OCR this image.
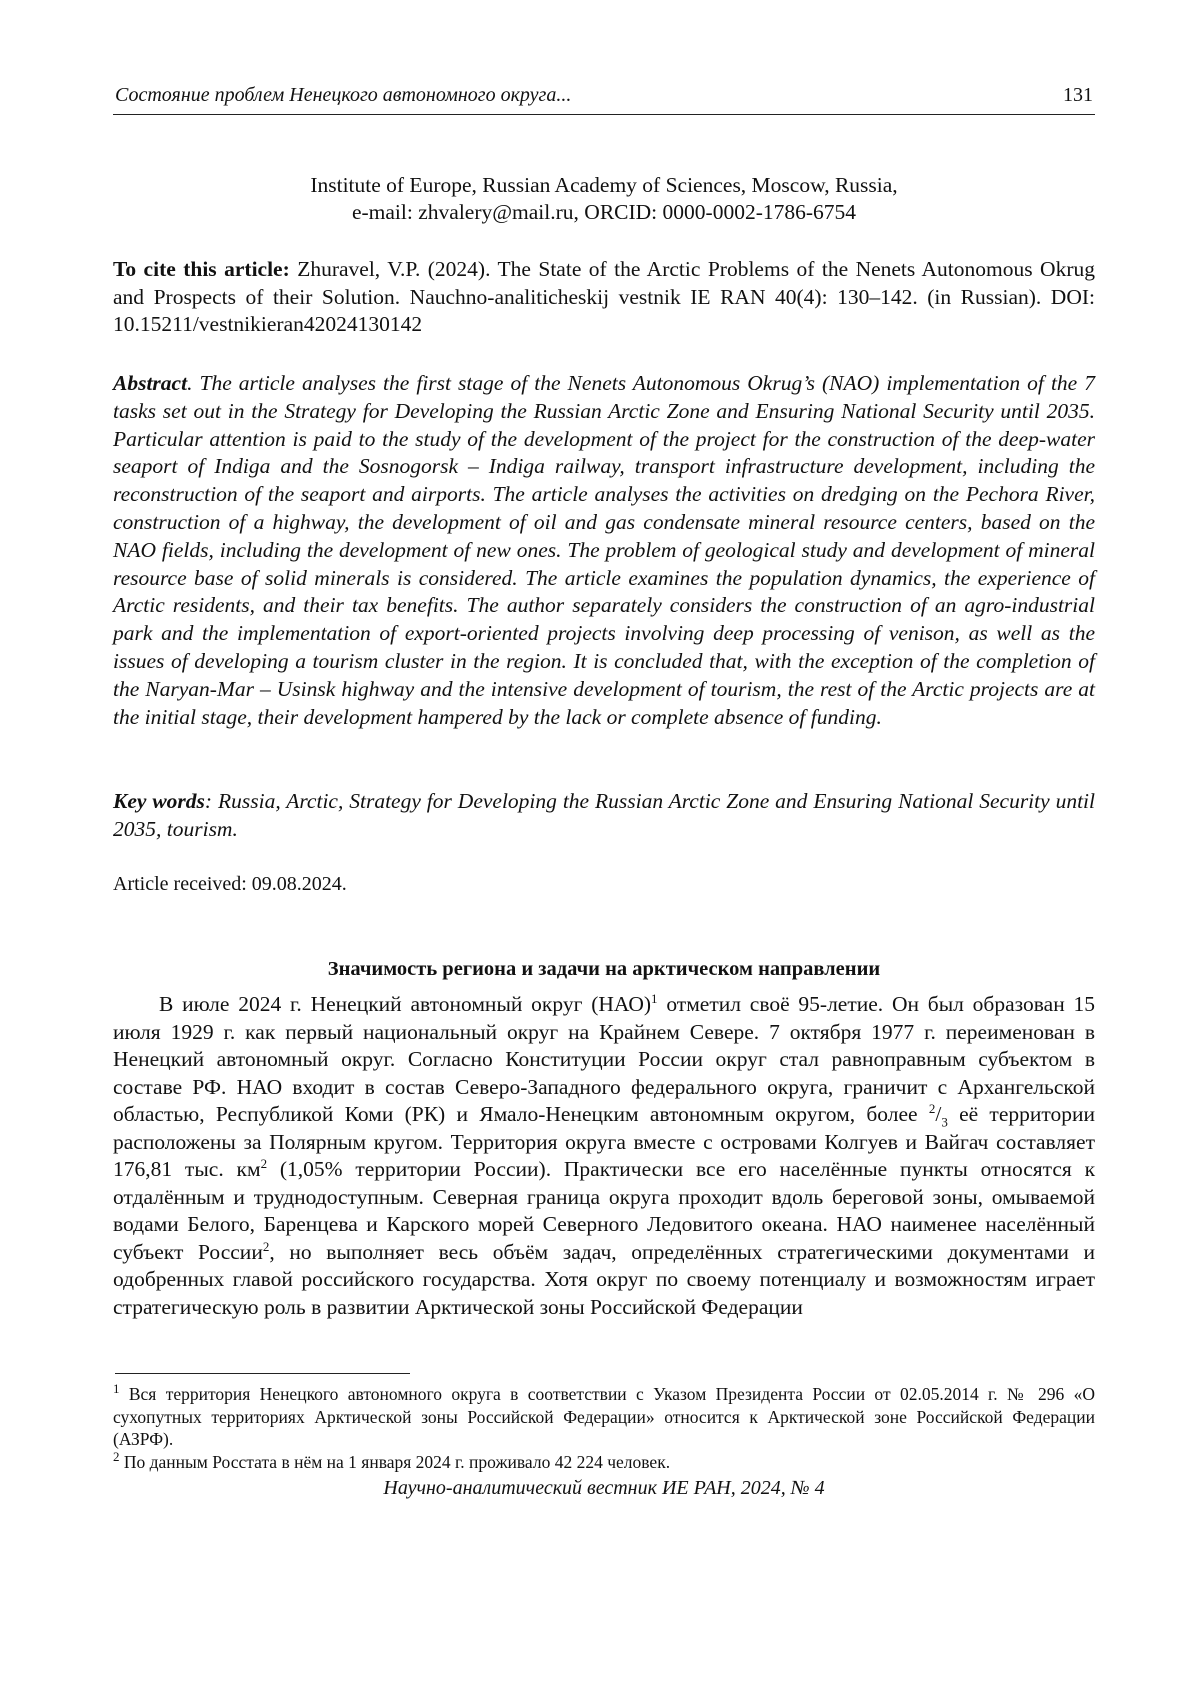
Состояние проблем Ненецкого автономного округа...	131
Institute of Europe, Russian Academy of Sciences, Moscow, Russia,
e-mail: zhvalery@mail.ru, ORCID: 0000-0002-1786-6754
To cite this article: Zhuravel, V.P. (2024). The State of the Arctic Problems of the Nenets Autonomous Okrug and Prospects of their Solution. Nauchno-analiticheskij vestnik IE RAN 40(4): 130–142. (in Russian). DOI: 10.15211/vestnikieran42024130142
Abstract. The article analyses the first stage of the Nenets Autonomous Okrug’s (NAO) implementation of the 7 tasks set out in the Strategy for Developing the Russian Arctic Zone and Ensuring National Security until 2035. Particular attention is paid to the study of the development of the project for the construction of the deep-water seaport of Indiga and the Sosnogorsk – Indiga railway, transport infrastructure development, including the reconstruction of the seaport and airports. The article analyses the activities on dredging on the Pechora River, construction of a highway, the development of oil and gas condensate mineral resource centers, based on the NAO fields, including the development of new ones. The problem of geological study and development of mineral resource base of solid minerals is considered. The article examines the population dynamics, the experience of Arctic residents, and their tax benefits. The author separately considers the construction of an agro-industrial park and the implementation of export-oriented projects involving deep processing of venison, as well as the issues of developing a tourism cluster in the region. It is concluded that, with the exception of the completion of the Naryan-Mar – Usinsk highway and the intensive development of tourism, the rest of the Arctic projects are at the initial stage, their development hampered by the lack or complete absence of funding.
Key words: Russia, Arctic, Strategy for Developing the Russian Arctic Zone and Ensuring National Security until 2035, tourism.
Article received: 09.08.2024.
Значимость региона и задачи на арктическом направлении

В июле 2024 г. Ненецкий автономный округ (НАО)$^1$ отметил своё 95-летие. Он был образован 15 июля 1929 г. как первый национальный округ на Крайнем Севере. 7 октября 1977 г. переименован в Ненецкий автономный округ. Согласно Конституции России округ стал равноправным субъектом в составе РФ. НАО входит в состав Северо-Западного федерального округа, граничит с Архангельской областью, Республикой Коми (РК) и Ямало-Ненецким автономным округом, более $^2/_3$ её территории расположены за Полярным кругом. Территория округа вместе с островами Колгуев и Вайгач составляет 176,81 тыс. $км^2$ (1,05% территории России). Практически все его населённые пункты относятся к отдалённым и труднодоступным. Северная граница округа проходит вдоль береговой зоны, омываемой водами Белого, Баренцева и Карского морей Северного Ледовитого океана. НАО наименее населённый субъект России$^2$, но выполняет весь объём задач, определённых стратегическими документами и одобренных главой российского государства. Хотя округ по своему потенциалу и возможностям играет стратегическую роль в развитии Арктической зоны Российской Федерации

$^1$ Вся территория Ненецкого автономного округа в соответствии с Указом Президента России от 02.05.2014 г. № 296 «О сухопутных территориях Арктической зоны Российской Федерации» относится к Арктической зоне Российской Федерации (АЗРФ).

$^2$ По данным Росстата в нём на 1 января 2024 г. проживало 42 224 человек.

Научно-аналитический вестник ИЕ РАН, 2024, № 4
